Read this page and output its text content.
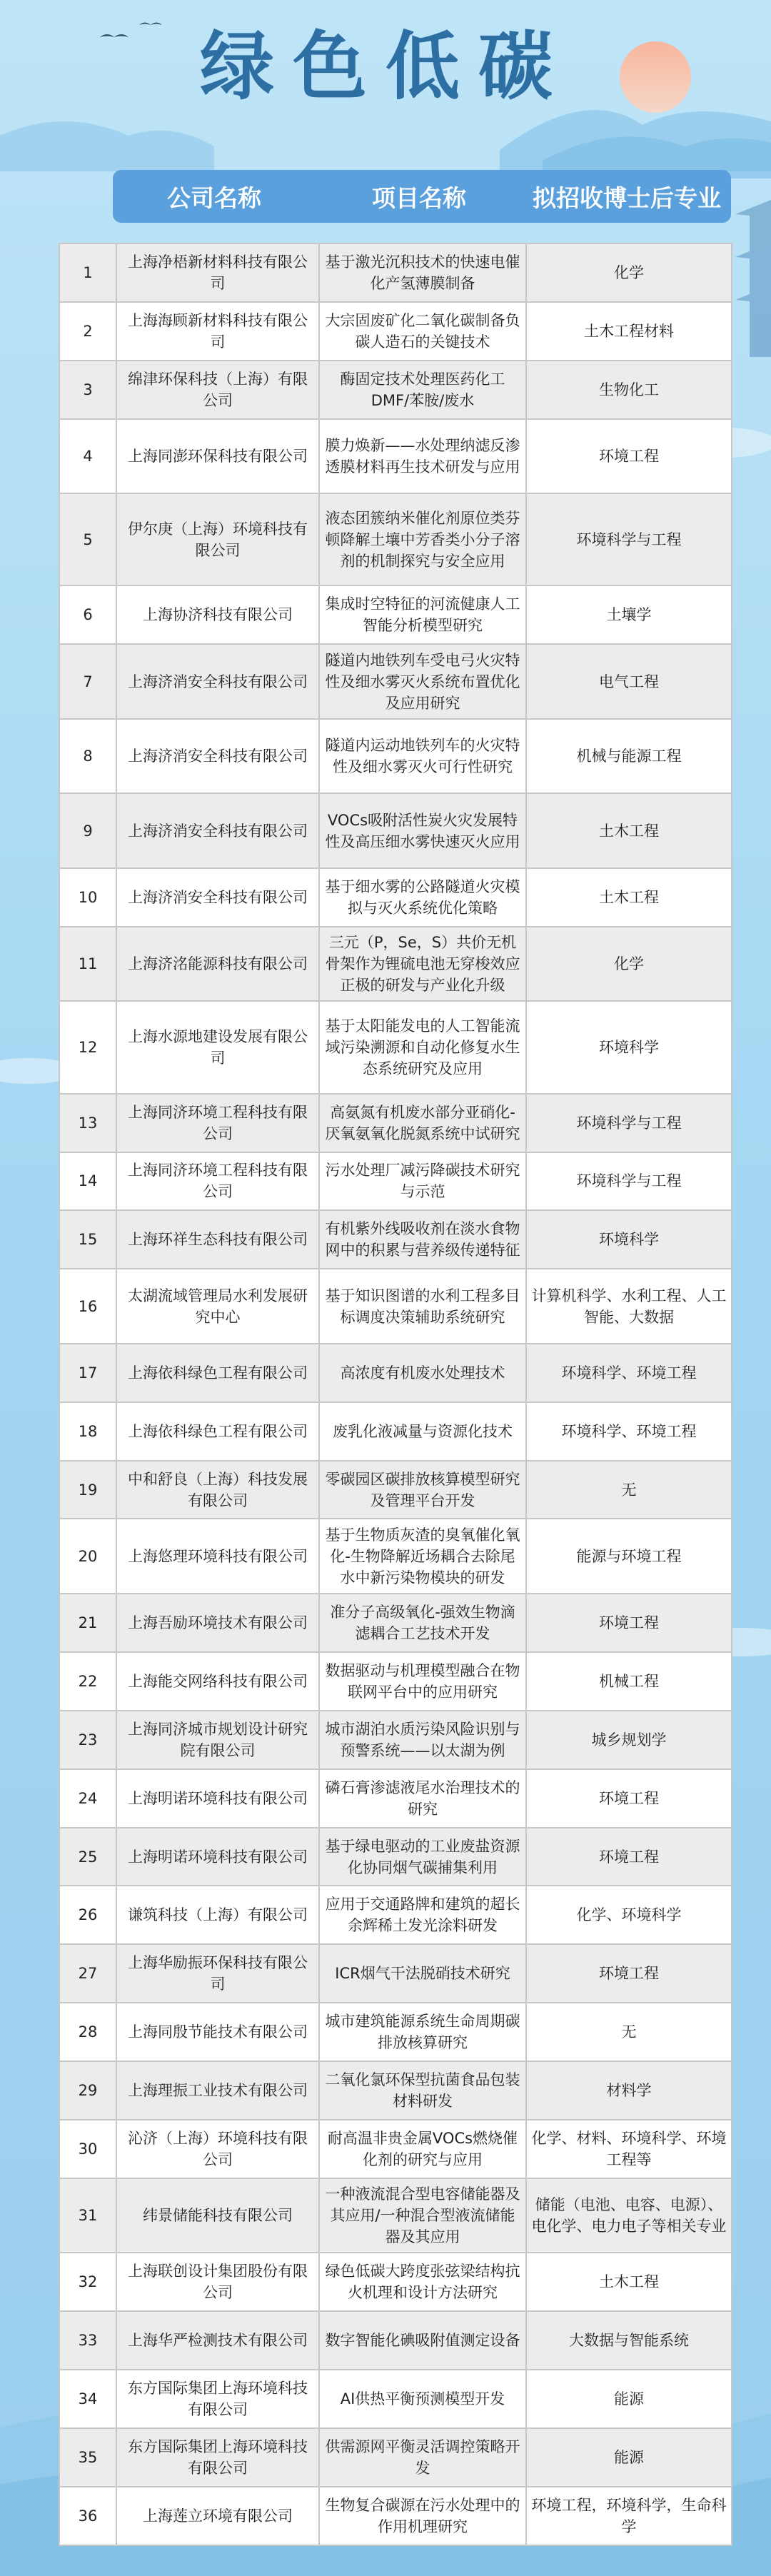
绿色低碳
公司名称	项目名称	拟招收博士后专业
1	上海净梧新材料科技有限公司	基于激光沉积技术的快速电催化产氢薄膜制备	化学
2	上海海顾新材料科技有限公司	大宗固废矿化二氧化碳制备负碳人造石的关键技术	土木工程材料
3	绵津环保科技（上海）有限公司	酶固定技术处理医药化工DMF/苯胺/废水	生物化工
4	上海同澎环保科技有限公司	膜力焕新——水处理纳滤反渗透膜材料再生技术研发与应用	环境工程
5	伊尔庚（上海）环境科技有限公司	液态团簇纳米催化剂原位类芬顿降解土壤中芳香类小分子溶剂的机制探究与安全应用	环境科学与工程
6	上海协济科技有限公司	集成时空特征的河流健康人工智能分析模型研究	土壤学
7	上海济消安全科技有限公司	隧道内地铁列车受电弓火灾特性及细水雾灭火系统布置优化及应用研究	电气工程
8	上海济消安全科技有限公司	隧道内运动地铁列车的火灾特性及细水雾灭火可行性研究	机械与能源工程
9	上海济消安全科技有限公司	VOCs吸附活性炭火灾发展特性及高压细水雾快速灭火应用	土木工程
10	上海济消安全科技有限公司	基于细水雾的公路隧道火灾模拟与灭火系统优化策略	土木工程
11	上海济洺能源科技有限公司	三元（P，Se，S）共价无机骨架作为锂硫电池无穿梭效应正极的研发与产业化升级	化学
12	上海水源地建设发展有限公司	基于太阳能发电的人工智能流域污染溯源和自动化修复水生态系统研究及应用	环境科学
13	上海同济环境工程科技有限公司	高氨氮有机废水部分亚硝化-厌氧氨氧化脱氮系统中试研究	环境科学与工程
14	上海同济环境工程科技有限公司	污水处理厂减污降碳技术研究与示范	环境科学与工程
15	上海环祥生态科技有限公司	有机紫外线吸收剂在淡水食物网中的积累与营养级传递特征	环境科学
16	太湖流域管理局水利发展研究中心	基于知识图谱的水利工程多目标调度决策辅助系统研究	计算机科学、水利工程、人工智能、大数据
17	上海依科绿色工程有限公司	高浓度有机废水处理技术	环境科学、环境工程
18	上海依科绿色工程有限公司	废乳化液减量与资源化技术	环境科学、环境工程
19	中和舒良（上海）科技发展有限公司	零碳园区碳排放核算模型研究及管理平台开发	无
20	上海悠理环境科技有限公司	基于生物质灰渣的臭氧催化氧化-生物降解近场耦合去除尾水中新污染物模块的研发	能源与环境工程
21	上海吾励环境技术有限公司	准分子高级氧化-强效生物滴滤耦合工艺技术开发	环境工程
22	上海能交网络科技有限公司	数据驱动与机理模型融合在物联网平台中的应用研究	机械工程
23	上海同济城市规划设计研究院有限公司	城市湖泊水质污染风险识别与预警系统——以太湖为例	城乡规划学
24	上海明诺环境科技有限公司	磷石膏渗滤液尾水治理技术的研究	环境工程
25	上海明诺环境科技有限公司	基于绿电驱动的工业废盐资源化协同烟气碳捕集利用	环境工程
26	谦筑科技（上海）有限公司	应用于交通路牌和建筑的超长余辉稀土发光涂料研发	化学、环境科学
27	上海华励振环保科技有限公司	ICR烟气干法脱硝技术研究	环境工程
28	上海同殷节能技术有限公司	城市建筑能源系统生命周期碳排放核算研究	无
29	上海理振工业技术有限公司	二氧化氯环保型抗菌食品包装材料研发	材料学
30	沁济（上海）环境科技有限公司	耐高温非贵金属VOCs燃烧催化剂的研究与应用	化学、材料、环境科学、环境工程等
31	纬景储能科技有限公司	一种液流混合型电容储能器及其应用/一种混合型液流储能器及其应用	储能（电池、电容、电源）、电化学、电力电子等相关专业
32	上海联创设计集团股份有限公司	绿色低碳大跨度张弦梁结构抗火机理和设计方法研究	土木工程
33	上海华严检测技术有限公司	数字智能化碘吸附值测定设备	大数据与智能系统
34	东方国际集团上海环境科技有限公司	AI供热平衡预测模型开发	能源
35	东方国际集团上海环境科技有限公司	供需源网平衡灵活调控策略开发	能源
36	上海莲立环境有限公司	生物复合碳源在污水处理中的作用机理研究	环境工程，环境科学，生命科学
